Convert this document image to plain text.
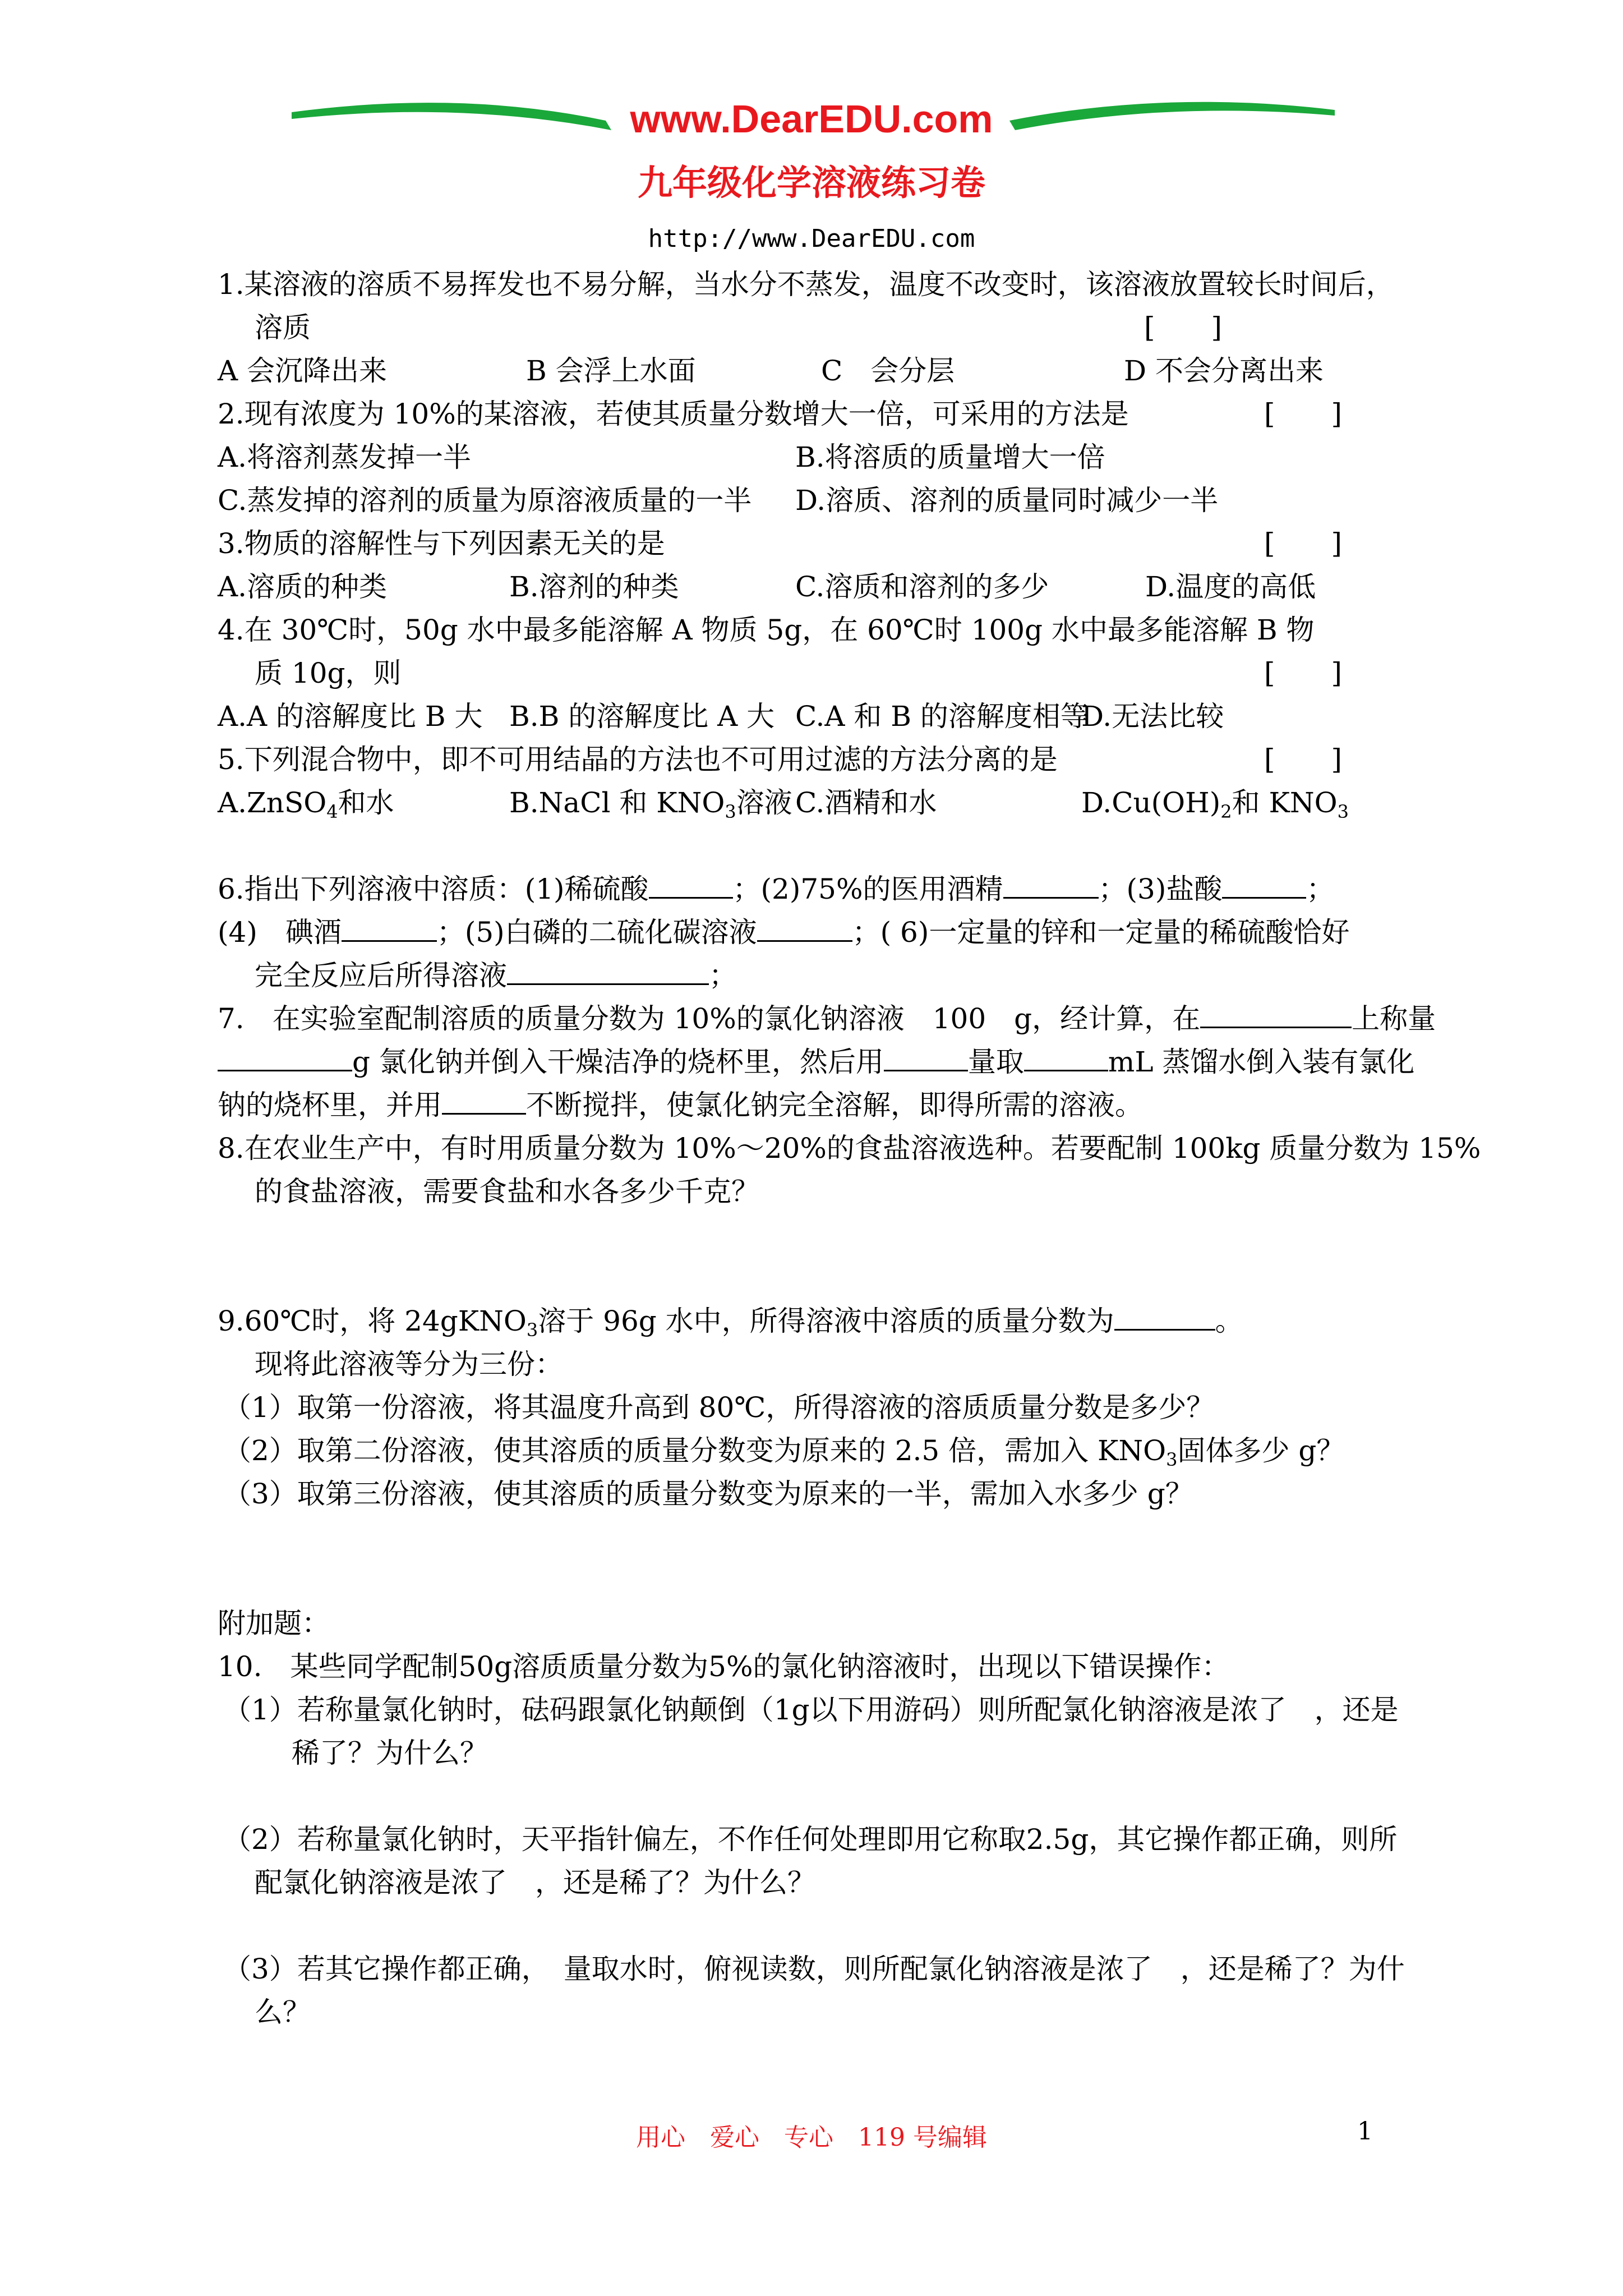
www.DearEDU.com
九年级化学溶液练习卷
http://www.DearEDU.com
1.某溶液的溶质不易挥发也不易分解，当水分不蒸发，温度不改变时，该溶液放置较长时间后，
溶质	[　　]
A 会沉降出来	B 会浮上水面	C　会分层	D 不会分离出来
2.现有浓度为 10%的某溶液，若使其质量分数增大一倍，可采用的方法是	[　　]
A.将溶剂蒸发掉一半	B.将溶质的质量增大一倍
C.蒸发掉的溶剂的质量为原溶液质量的一半 D.溶质、溶剂的质量同时减少一半
3.物质的溶解性与下列因素无关的是	[　　]
A.溶质的种类	B.溶剂的种类	C.溶质和溶剂的多少	D.温度的高低
4.在 30℃时，50g 水中最多能溶解 A 物质 5g，在 60℃时 100g 水中最多能溶解 B 物
质 10g，则	[　　]
A.A 的溶解度比 B 大 B.B 的溶解度比 A 大 C.A 和 B 的溶解度相等
D.无法比较
5.下列混合物中，即不可用结晶的方法也不可用过滤的方法分离的是	[　　]
A.ZnSO$_4$和水	B.NaCl 和 $KNO_3$溶液 C.酒精和水	$D.Cu(OH)_2$和 $KNO_3$
6.指出下列溶液中溶质：(1)稀硫酸	；(2)75%的医用酒精	；(3)盐酸	；
(4)　碘酒	；(5)白磷的二硫化碳溶液	；( 6)一定量的锌和一定量的稀硫酸恰好
完全反应后所得溶液	；
7.　在实验室配制溶质的质量分数为 10%的氯化钠溶液　100　g，经计算，在	上称量
g 氯化钠并倒入干燥洁净的烧杯里，然后用	量取	mL 蒸馏水倒入装有氯化
钠的烧杯里，并用	不断搅拌，使氯化钠完全溶解，即得所需的溶液。
8.在农业生产中，有时用质量分数为 10%～20%的食盐溶液选种。若要配制 100kg 质量分数为 15%
的食盐溶液，需要食盐和水各多少千克？
9.60℃时，将 24gKNO$_3$溶于 96g 水中，所得溶液中溶质的质量分数为	。
现将此溶液等分为三份：
（1）取第一份溶液，将其温度升高到 80℃，所得溶液的溶质质量分数是多少？
（2）取第二份溶液，使其溶质的质量分数变为原来的 2.5 倍，需加入 $KNO_3$固体多少 g？
（3）取第三份溶液，使其溶质的质量分数变为原来的一半，需加入水多少 g？
附加题：
10.　某些同学配制50g溶质质量分数为5%的氯化钠溶液时，出现以下错误操作：
（1）若称量氯化钠时，砝码跟氯化钠颠倒（1g以下用游码）则所配氯化钠溶液是浓了　，还是
稀了？为什么？
（2）若称量氯化钠时，天平指针偏左，不作任何处理即用它称取2.5g，其它操作都正确，则所
配氯化钠溶液是浓了　，还是稀了？为什么？
（3）若其它操作都正确，　量取水时，俯视读数，则所配氯化钠溶液是浓了　，还是稀了？为什
么？
用心　爱心　专心　119 号编辑	1
